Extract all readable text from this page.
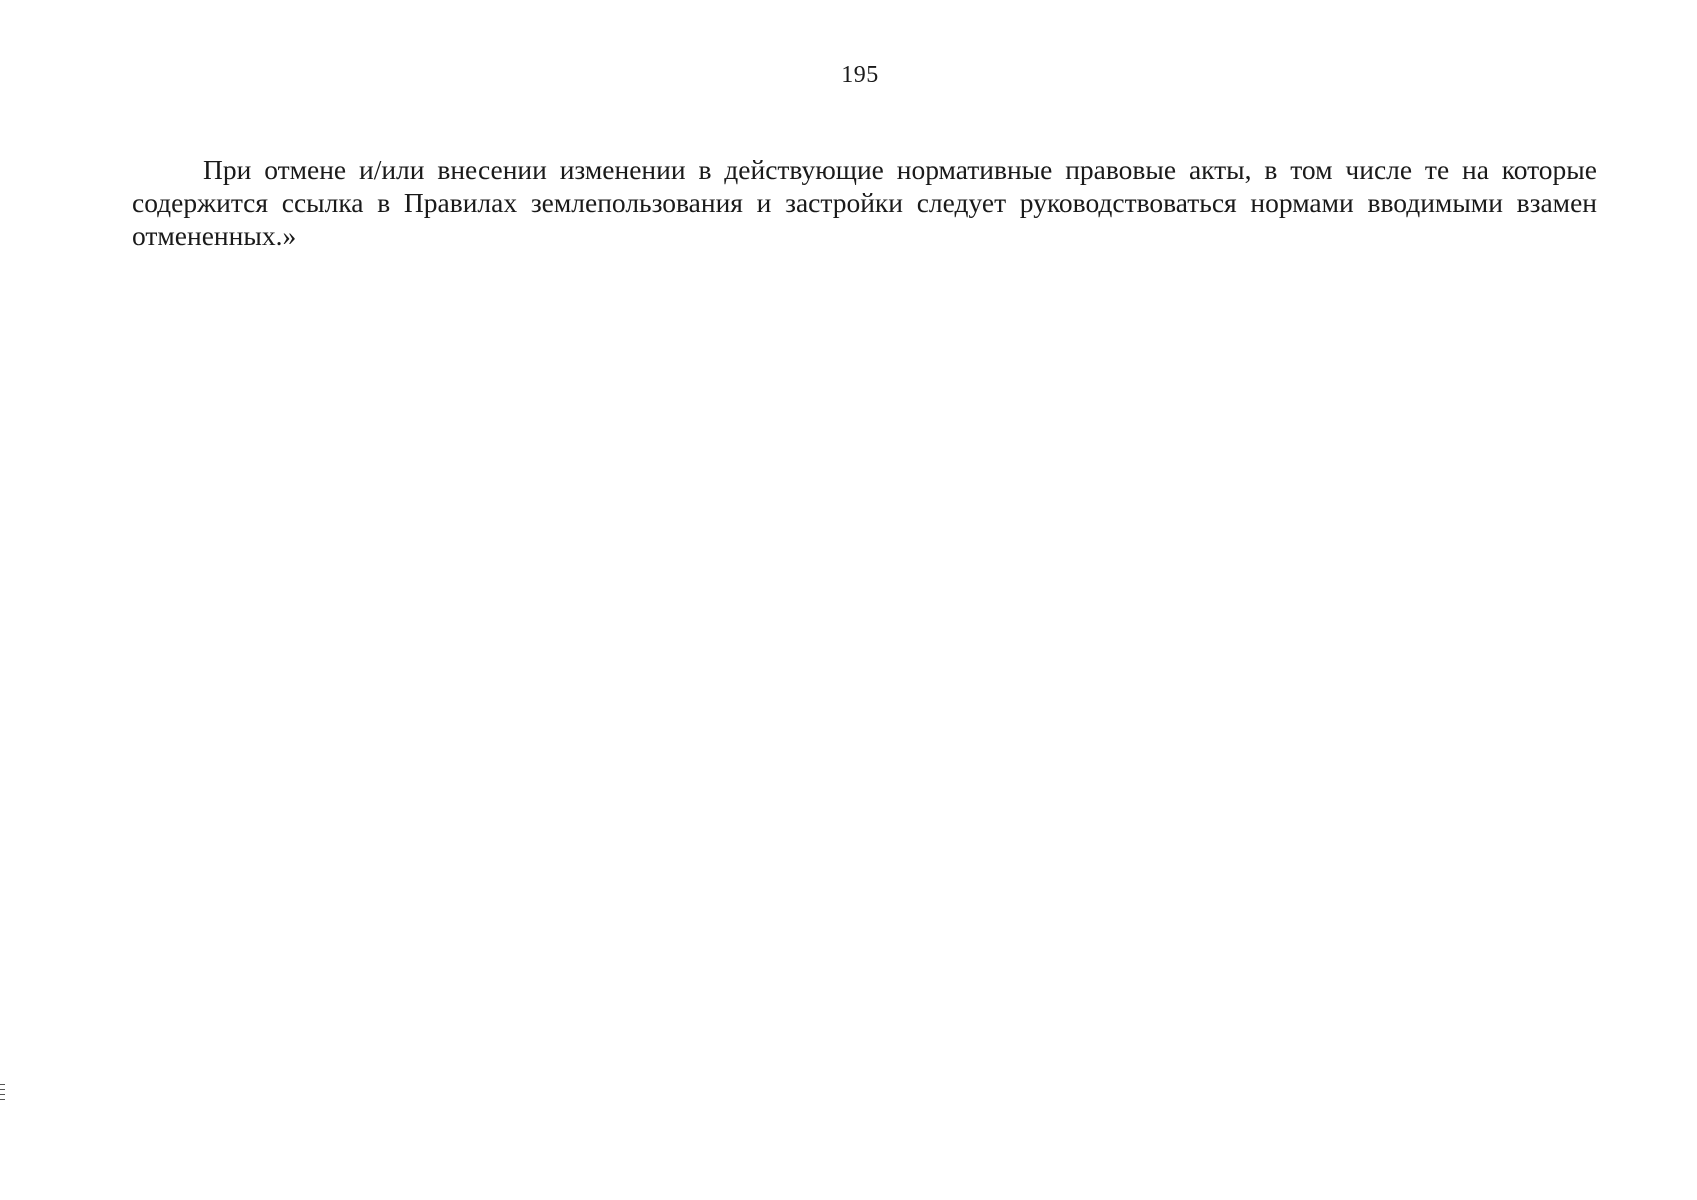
195

При отмене и/или внесении изменении в действующие нормативные правовые акты, в том числе те на которые содержится ссылка в Правилах землепользования и застройки следует руководствоваться нормами вводимыми взамен отмененных.»
